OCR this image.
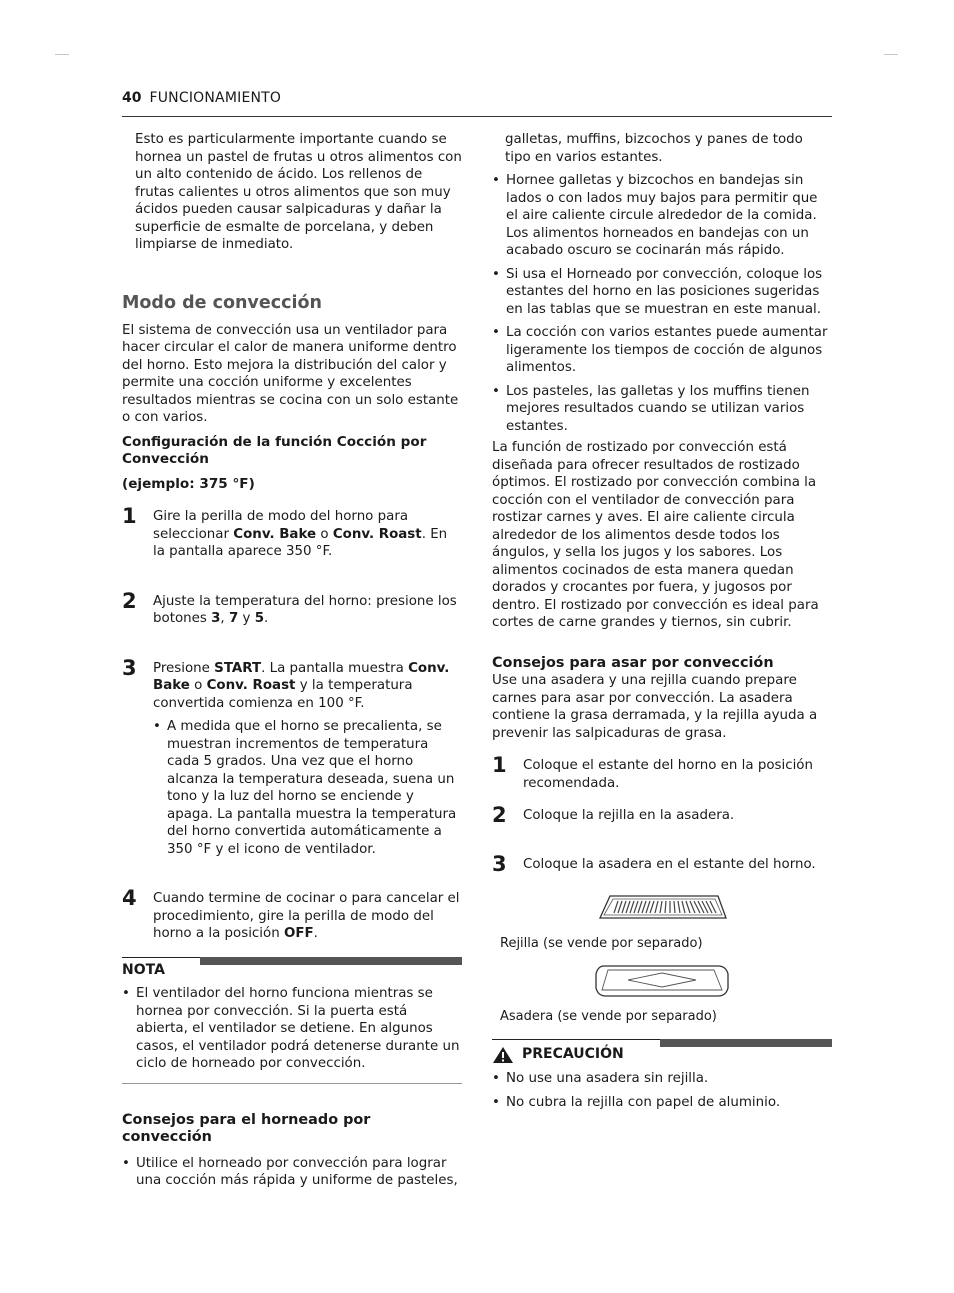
40 FUNCIONAMIENTO

Esto es particularmente importante cuando se hornea un pastel de frutas u otros alimentos con un alto contenido de ácido. Los rellenos de frutas calientes u otros alimentos que son muy ácidos pueden causar salpicaduras y dañar la superficie de esmalte de porcelana, y deben limpiarse de inmediato.

Modo de convección

El sistema de convección usa un ventilador para hacer circular el calor de manera uniforme dentro del horno. Esto mejora la distribución del calor y permite una cocción uniforme y excelentes resultados mientras se cocina con un solo estante o con varios.

Configuración de la función Cocción por Convección

(ejemplo: 375 °F)

1 Gire la perilla de modo del horno para seleccionar Conv. Bake o Conv. Roast. En la pantalla aparece 350 °F.

2 Ajuste la temperatura del horno: presione los botones 3, 7 y 5.

3 Presione START. La pantalla muestra Conv. Bake o Conv. Roast y la temperatura convertida comienza en 100 °F.

• A medida que el horno se precalienta, se muestran incrementos de temperatura cada 5 grados. Una vez que el horno alcanza la temperatura deseada, suena un tono y la luz del horno se enciende y apaga. La pantalla muestra la temperatura del horno convertida automáticamente a 350 °F y el icono de ventilador.
4 Cuando termine de cocinar o para cancelar el procedimiento, gire la perilla de modo del horno a la posición OFF.

NOTA
• El ventilador del horno funciona mientras se hornea por convección. Si la puerta está abierta, el ventilador se detiene. En algunos casos, el ventilador podrá detenerse durante un ciclo de horneado por convección.
Consejos para el horneado por convección
• Utilice el horneado por convección para lograr una cocción más rápida y uniforme de pasteles,

galletas, muffins, bizcochos y panes de todo tipo en varios estantes.

• Hornee galletas y bizcochos en bandejas sin lados o con lados muy bajos para permitir que el aire caliente circule alrededor de la comida. Los alimentos horneados en bandejas con un acabado oscuro se cocinarán más rápido.
• Si usa el Horneado por convección, coloque los estantes del horno en las posiciones sugeridas en las tablas que se muestran en este manual.
• La cocción con varios estantes puede aumentar ligeramente los tiempos de cocción de algunos alimentos.
• Los pasteles, las galletas y los muffins tienen mejores resultados cuando se utilizan varios estantes.

La función de rostizado por convección está diseñada para ofrecer resultados de rostizado óptimos. El rostizado por convección combina la cocción con el ventilador de convección para rostizar carnes y aves. El aire caliente circula alrededor de los alimentos desde todos los ángulos, y sella los jugos y los sabores. Los alimentos cocinados de esta manera quedan dorados y crocantes por fuera, y jugosos por dentro. El rostizado por convección es ideal para cortes de carne grandes y tiernos, sin cubrir.

Consejos para asar por convección

Use una asadera y una rejilla cuando prepare carnes para asar por convección. La asadera contiene la grasa derramada, y la rejilla ayuda a prevenir las salpicaduras de grasa.

1 Coloque el estante del horno en la posición recomendada.

2 Coloque la rejilla en la asadera.

3 Coloque la asadera en el estante del horno.

Rejilla (se vende por separado)
Asadera (se vende por separado)
PRECAUCIÓN
• No use una asadera sin rejilla.
• No cubra la rejilla con papel de aluminio.
